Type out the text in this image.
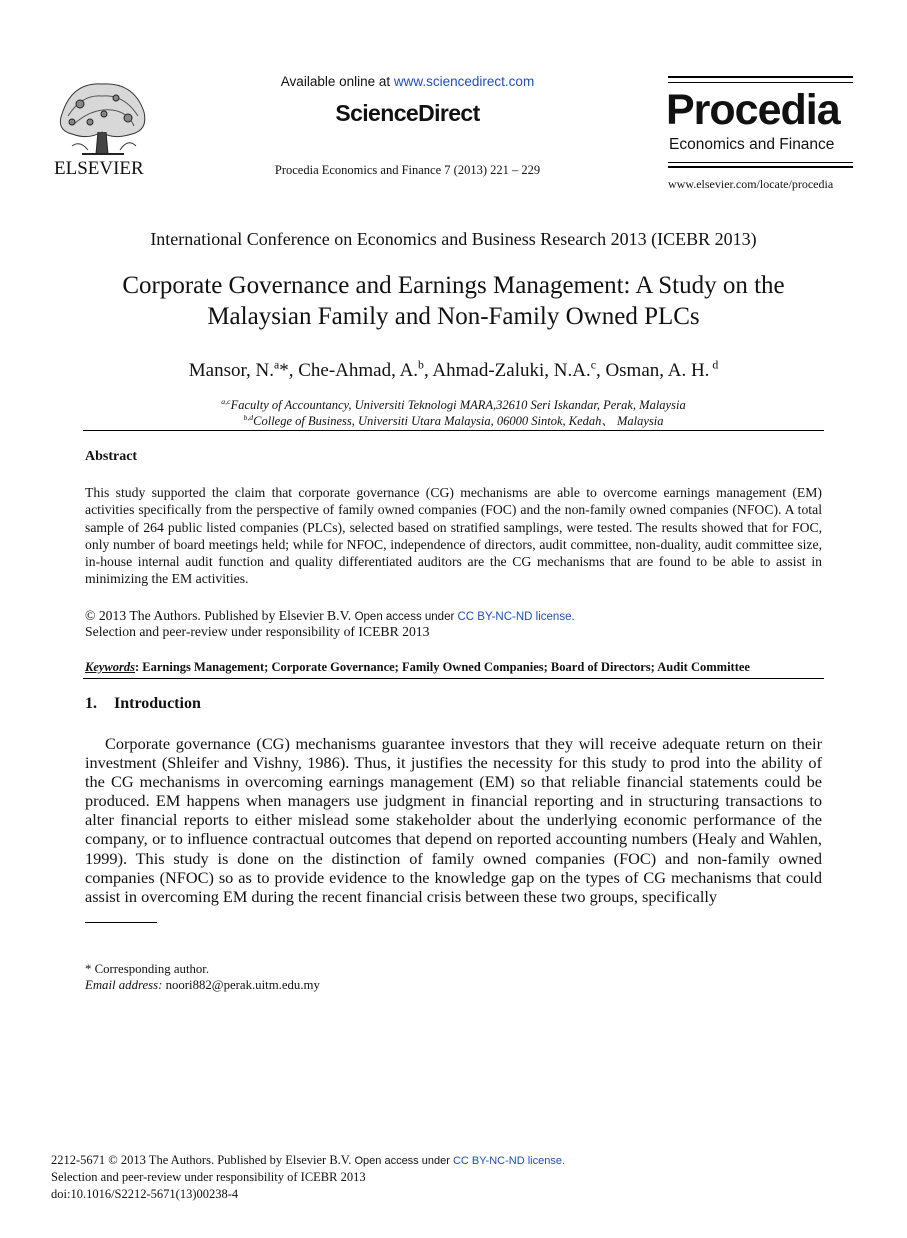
ELSEVIER
Available online at www.sciencedirect.com
ScienceDirect
Procedia Economics and Finance 7 (2013) 221 – 229
Procedia
Economics and Finance
www.elsevier.com/locate/procedia
International Conference on Economics and Business Research 2013 (ICEBR 2013)
Corporate Governance and Earnings Management: A Study on the
Malaysian Family and Non-Family Owned PLCs
Mansor, N.$^a$*, Che-Ahmad, A.$^b$, Ahmad-Zaluki, N.A.$^c$, Osman, A. H. $^d$
$^{a,c}$Faculty of Accountancy, Universiti Teknologi MARA,32610 Seri Iskandar, Perak, Malaysia
$^{b,d}$College of Business, Universiti Utara Malaysia, 06000 Sintok, Kedah、 Malaysia
Abstract
This study supported the claim that corporate governance (CG) mechanisms are able to overcome earnings management (EM) activities specifically from the perspective of family owned companies (FOC) and the non-family owned companies (NFOC). A total sample of 264 public listed companies (PLCs), selected based on stratified samplings, were tested. The results showed that for FOC, only number of board meetings held; while for NFOC, independence of directors, audit committee, non-duality, audit committee size, in-house internal audit function and quality differentiated auditors are the CG mechanisms that are found to be able to assist in minimizing the EM activities.
© 2013 The Authors. Published by Elsevier B.V. Open access under CC BY-NC-ND license.
Selection and peer-review under responsibility of ICEBR 2013
Keywords: Earnings Management; Corporate Governance; Family Owned Companies; Board of Directors; Audit Committee
1. Introduction
Corporate governance (CG) mechanisms guarantee investors that they will receive adequate return on their investment (Shleifer and Vishny, 1986). Thus, it justifies the necessity for this study to prod into the ability of the CG mechanisms in overcoming earnings management (EM) so that reliable financial statements could be produced. EM happens when managers use judgment in financial reporting and in structuring transactions to alter financial reports to either mislead some stakeholder about the underlying economic performance of the company, or to influence contractual outcomes that depend on reported accounting numbers (Healy and Wahlen, 1999). This study is done on the distinction of family owned companies (FOC) and non-family owned companies (NFOC) so as to provide evidence to the knowledge gap on the types of CG mechanisms that could assist in overcoming EM during the recent financial crisis between these two groups, specifically
* Corresponding author.
Email address: noori882@perak.uitm.edu.my
2212-5671 © 2013 The Authors. Published by Elsevier B.V. Open access under CC BY-NC-ND license.
Selection and peer-review under responsibility of ICEBR 2013
doi:10.1016/S2212-5671(13)00238-4
